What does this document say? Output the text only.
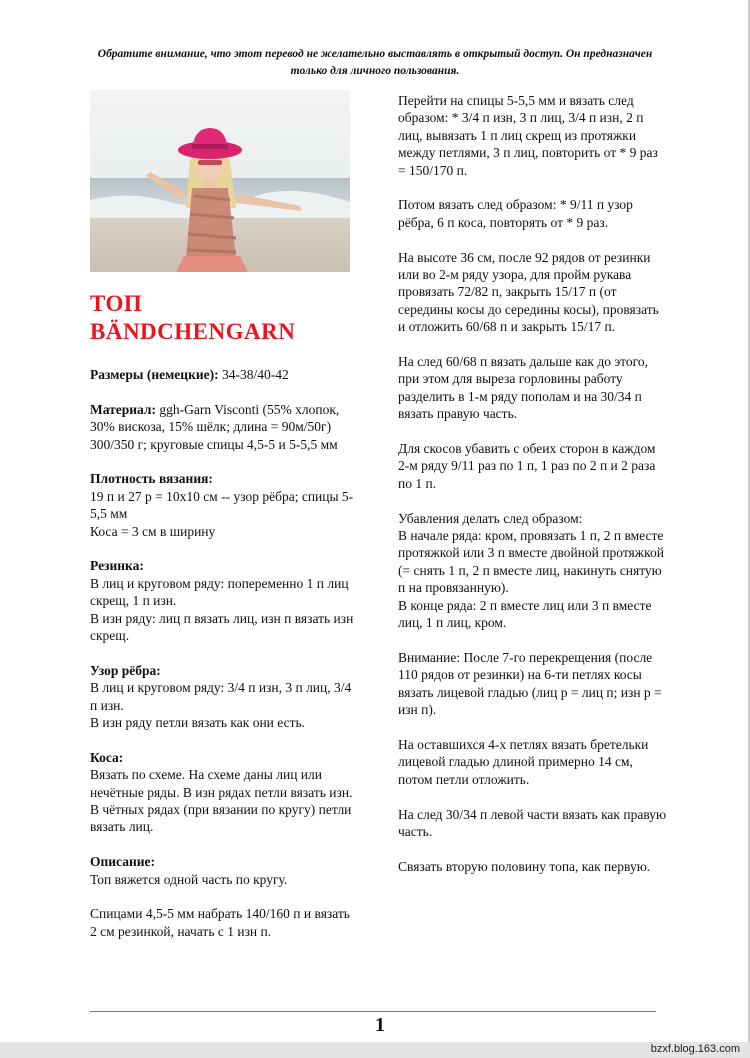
Обратите внимание, что этот перевод не желательно выставлять в открытый доступ. Он предназначен только для личного пользования.
ТОП
BÄNDCHENGARN

Размеры (немецкие): 34-38/40-42

Материал: ggh-Garn Visconti (55% хлопок, 30% вискоза, 15% шёлк; длина = 90м/50г) 300/350 г; круговые спицы 4,5-5 и 5-5,5 мм

Плотность вязания:
19 п и 27 р = 10х10 см -- узор рёбра; спицы 5-5,5 мм
Коса = 3 см в ширину

Резинка:
В лиц и круговом ряду: попеременно 1 п лиц скрещ, 1 п изн.
В изн ряду: лиц п вязать лиц, изн п вязать изн скрещ.

Узор рёбра:
В лиц и круговом ряду: 3/4 п изн, 3 п лиц, 3/4 п изн.
В изн ряду петли вязать как они есть.

Коса:
Вязать по схеме. На схеме даны лиц или нечётные ряды. В изн рядах петли вязать изн. В чётных рядах (при вязании по кругу) петли вязать лиц.

Описание:
Топ вяжется одной часть по кругу.

Спицами 4,5-5 мм набрать 140/160 п и вязать 2 см резинкой, начать с 1 изн п.

Перейти на спицы 5-5,5 мм и вязать след образом: * 3/4 п изн, 3 п лиц, 3/4 п изн, 2 п лиц, вывязать 1 п лиц скрещ из протяжки между петлями, 3 п лиц, повторить от * 9 раз = 150/170 п.

Потом вязать след образом: * 9/11 п узор рёбра, 6 п коса, повторять от * 9 раз.

На высоте 36 см, после 92 рядов от резинки или во 2-м ряду узора, для пройм рукава провязать 72/82 п, закрыть 15/17 п (от середины косы до середины косы), провязать и отложить 60/68 п и закрыть 15/17 п.

На след 60/68 п вязать дальше как до этого, при этом для выреза горловины работу разделить в 1-м ряду пополам и на 30/34 п вязать правую часть.

Для скосов убавить с обеих сторон в каждом 2-м ряду 9/11 раз по 1 п, 1 раз по 2 п и 2 раза по 1 п.

Убавления делать след образом:
В начале ряда: кром, провязать 1 п, 2 п вместе протяжкой или 3 п вместе двойной протяжкой (= снять 1 п, 2 п вместе лиц, накинуть снятую п на провязанную).
В конце ряда: 2 п вместе лиц или 3 п вместе лиц, 1 п лиц, кром.

Внимание: После 7-го перекрещения (после 110 рядов от резинки) на 6-ти петлях косы вязать лицевой гладью (лиц р = лиц п; изн р = изн п).

На оставшихся 4-х петлях вязать бретельки лицевой гладью длиной примерно 14 см, потом петли отложить.

На след 30/34 п левой части вязать как правую часть.

Связать вторую половину топа, как первую.

1
bzxf.blog.163.com
